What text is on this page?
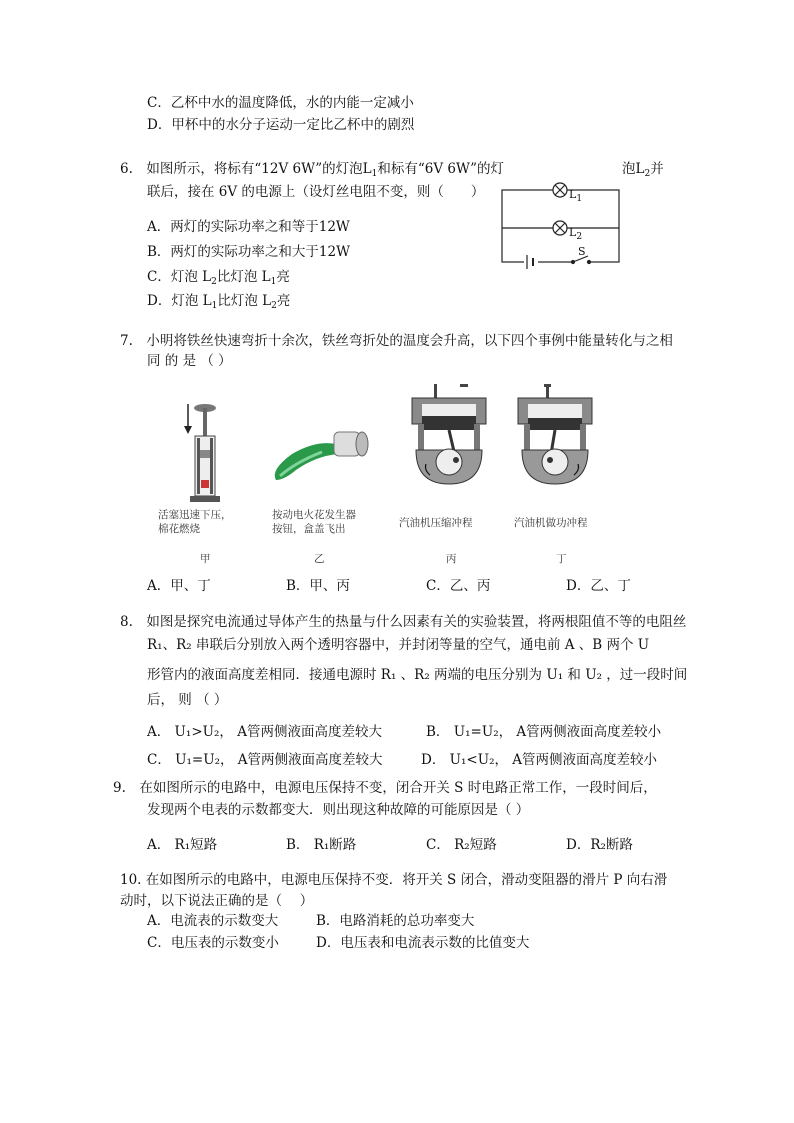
C．乙杯中水的温度降低，水的内能一定减小
D．甲杯中的水分子运动一定比乙杯中的剧烈
6.　如图所示，将标有“12V 6W”的灯泡$L_1$和标有“6V 6W”的灯	泡$L_2$并
联后，接在 6V 的电源上（设灯丝电阻不变，则（　　）
A．两灯的实际功率之和等于12W
B．两灯的实际功率之和大于12W
C．灯泡 $L_2$比灯泡 $L_1$亮
D．灯泡 $L_1$比灯泡 $L_2$亮
$L_1$
$L_2$
S
7.　小明将铁丝快速弯折十余次，铁丝弯折处的温度会升高，以下四个事例中能量转化与之相
同 的 是 （ ）
活塞迅速下压，
棉花燃烧
按动电火花发生器
按钮，盒盖飞出	汽油机压缩冲程	汽油机做功冲程
甲	乙	丙	丁
A．甲、丁	B．甲、丙	C．乙、丙	D．乙、丁
8.　如图是探究电流通过导体产生的热量与什么因素有关的实验装置，将两根阻值不等的电阻丝
R₁、R₂ 串联后分别放入两个透明容器中，并封闭等量的空气，通电前 A 、B 两个 U
形管内的液面高度差相同．接通电源时 R₁ 、R₂ 两端的电压分别为 U₁ 和 U₂ ，过一段时间
后， 则 （ ）
A． U₁>U₂， A管两侧液面高度差较大	B． U₁=U₂， A管两侧液面高度差较小
C． U₁=U₂， A管两侧液面高度差较大	D． U₁<U₂， A管两侧液面高度差较小
9.　在如图所示的电路中，电源电压保持不变，闭合开关 S 时电路正常工作，一段时间后，
发现两个电表的示数都变大．则出现这种故障的可能原因是（ ）
A． R₁短路	B． R₁断路	C． R₂短路	D．R₂断路
10. 在如图所示的电路中，电源电压保持不变．将开关 S 闭合，滑动变阻器的滑片 P 向右滑
动时，以下说法正确的是（　 ）
A．电流表的示数变大	B．电路消耗的总功率变大
C．电压表的示数变小	D．电压表和电流表示数的比值变大
